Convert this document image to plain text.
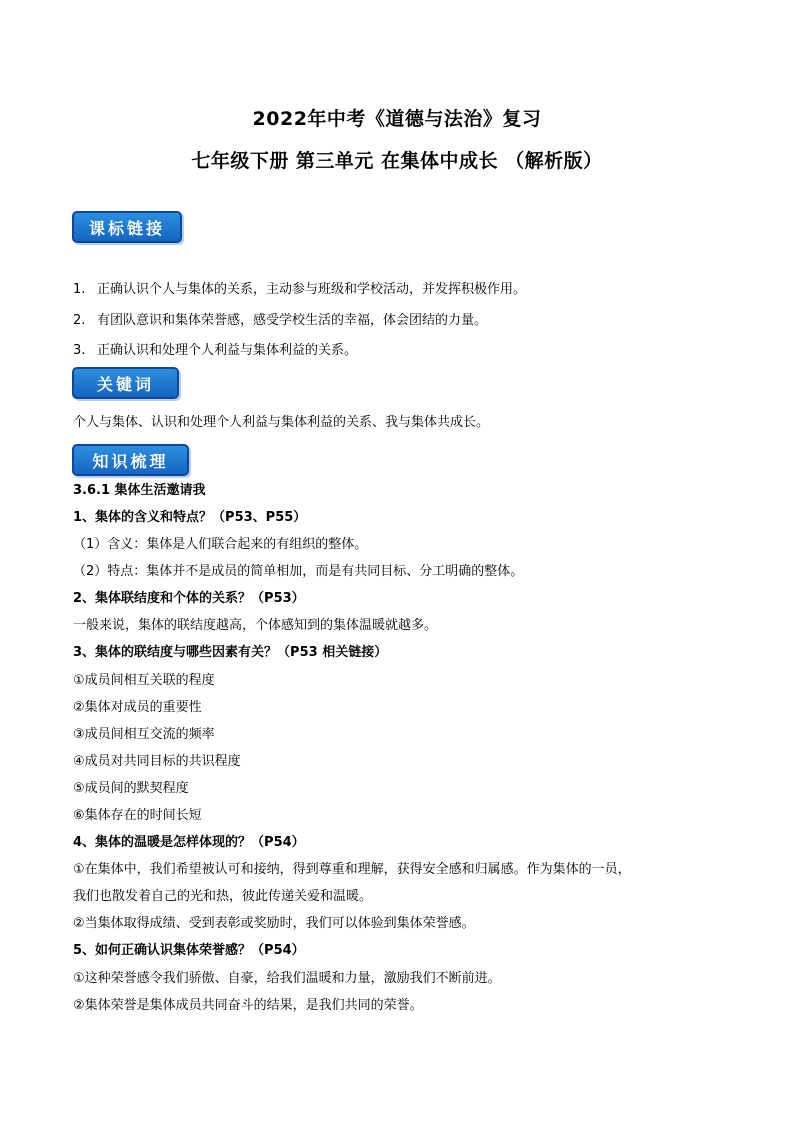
2022年中考《道德与法治》复习
七年级下册 第三单元 在集体中成长 （解析版）
课标链接
1. 正确认识个人与集体的关系，主动参与班级和学校活动，并发挥积极作用。
2. 有团队意识和集体荣誉感，感受学校生活的幸福，体会团结的力量。
3. 正确认识和处理个人利益与集体利益的关系。
关键词
个人与集体、认识和处理个人利益与集体利益的关系、我与集体共成长。
知识梳理
3.6.1 集体生活邀请我
1、集体的含义和特点？（P53、P55）
（1）含义：集体是人们联合起来的有组织的整体。
（2）特点：集体并不是成员的简单相加，而是有共同目标、分工明确的整体。
2、集体联结度和个体的关系？（P53）
一般来说，集体的联结度越高，个体感知到的集体温暖就越多。
3、集体的联结度与哪些因素有关？（P53 相关链接）
①成员间相互关联的程度
②集体对成员的重要性
③成员间相互交流的频率
④成员对共同目标的共识程度
⑤成员间的默契程度
⑥集体存在的时间长短
4、集体的温暖是怎样体现的？（P54）
①在集体中，我们希望被认可和接纳，得到尊重和理解，获得安全感和归属感。作为集体的一员，
我们也散发着自己的光和热，彼此传递关爱和温暖。
②当集体取得成绩、受到表彰或奖励时，我们可以体验到集体荣誉感。
5、如何正确认识集体荣誉感？（P54）
①这种荣誉感令我们骄傲、自豪，给我们温暖和力量，激励我们不断前进。
②集体荣誉是集体成员共同奋斗的结果，是我们共同的荣誉。
